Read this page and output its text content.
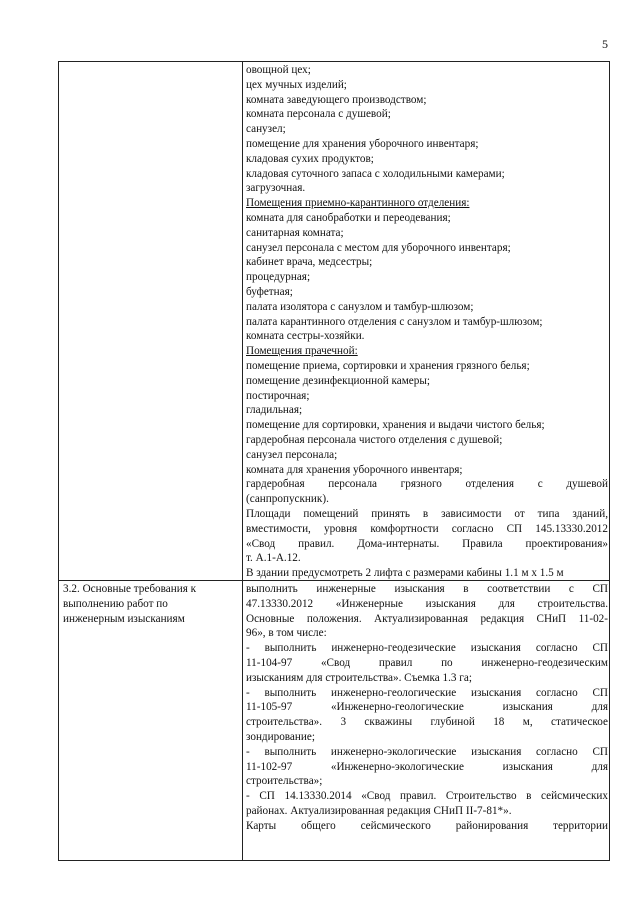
5
овощной цех;
цех мучных изделий;
комната заведующего производством;
комната персонала с душевой;
санузел;
помещение для хранения уборочного инвентаря;
кладовая сухих продуктов;
кладовая суточного запаса с холодильными камерами;
загрузочная.
Помещения приемно-карантинного отделения:
комната для санобработки и переодевания;
санитарная комната;
санузел персонала с местом для уборочного инвентаря;
кабинет врача, медсестры;
процедурная;
буфетная;
палата изолятора с санузлом и тамбур-шлюзом;
палата карантинного отделения с санузлом и тамбур-шлюзом;
комната сестры-хозяйки.
Помещения прачечной:
помещение приема, сортировки и хранения грязного белья;
помещение дезинфекционной камеры;
постирочная;
гладильная;
помещение для сортировки, хранения и выдачи чистого белья;
гардеробная персонала чистого отделения с душевой;
санузел персонала;
комната для хранения уборочного инвентаря;
гардеробная персонала грязного отделения с душевой
(санпропускник).
Площади помещений принять в зависимости от типа зданий,
вместимости, уровня комфортности согласно СП 145.13330.2012
«Свод правил. Дома-интернаты. Правила проектирования»
т. А.1-А.12.
В здании предусмотреть 2 лифта с размерами кабины 1.1 м х 1.5 м
3.2. Основные требования к
выполнению работ по
инженерным изысканиям
выполнить инженерные изыскания в соответствии с СП
47.13330.2012 «Инженерные изыскания для строительства.
Основные положения. Актуализированная редакция СНиП 11-02-
96», в том числе:
- выполнить инженерно-геодезические изыскания согласно СП
11-104-97 «Свод правил по инженерно-геодезическим
изысканиям для строительства». Съемка 1.3 га;
- выполнить инженерно-геологические изыскания согласно СП
11-105-97 «Инженерно-геологические изыскания для
строительства». 3 скважины глубиной 18 м, статическое
зондирование;
- выполнить инженерно-экологические изыскания согласно СП
11-102-97 «Инженерно-экологические изыскания для
строительства»;
- СП 14.13330.2014 «Свод правил. Строительство в сейсмических
районах. Актуализированная редакция СНиП II-7-81*».
Карты общего сейсмического районирования территории
